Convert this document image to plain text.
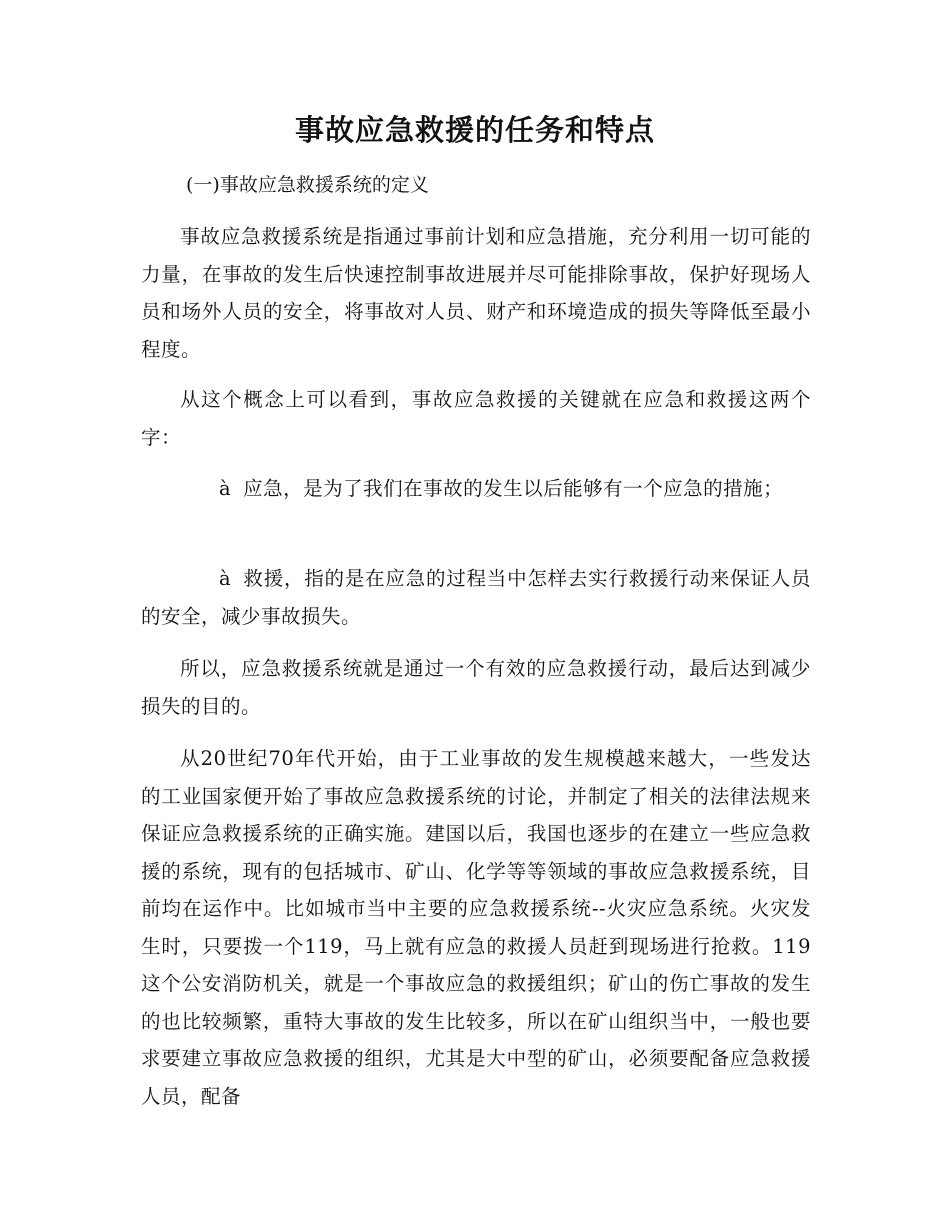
事故应急救援的任务和特点

(一)事故应急救援系统的定义

事故应急救援系统是指通过事前计划和应急措施，充分利用一切可能的力量，在事故的发生后快速控制事故进展并尽可能排除事故，保护好现场人员和场外人员的安全，将事故对人员、财产和环境造成的损失等降低至最小程度。

从这个概念上可以看到，事故应急救援的关键就在应急和救援这两个字：

à 应急，是为了我们在事故的发生以后能够有一个应急的措施；

à 救援，指的是在应急的过程当中怎样去实行救援行动来保证人员的安全，减少事故损失。

所以，应急救援系统就是通过一个有效的应急救援行动，最后达到减少损失的目的。

从20世纪70年代开始，由于工业事故的发生规模越来越大，一些发达的工业国家便开始了事故应急救援系统的讨论，并制定了相关的法律法规来保证应急救援系统的正确实施。建国以后，我国也逐步的在建立一些应急救援的系统，现有的包括城市、矿山、化学等等领域的事故应急救援系统，目前均在运作中。比如城市当中主要的应急救援系统--火灾应急系统。火灾发生时，只要拨一个119，马上就有应急的救援人员赶到现场进行抢救。119这个公安消防机关，就是一个事故应急的救援组织；矿山的伤亡事故的发生的也比较频繁，重特大事故的发生比较多，所以在矿山组织当中，一般也要求要建立事故应急救援的组织，尤其是大中型的矿山，必须要配备应急救援人员，配备
